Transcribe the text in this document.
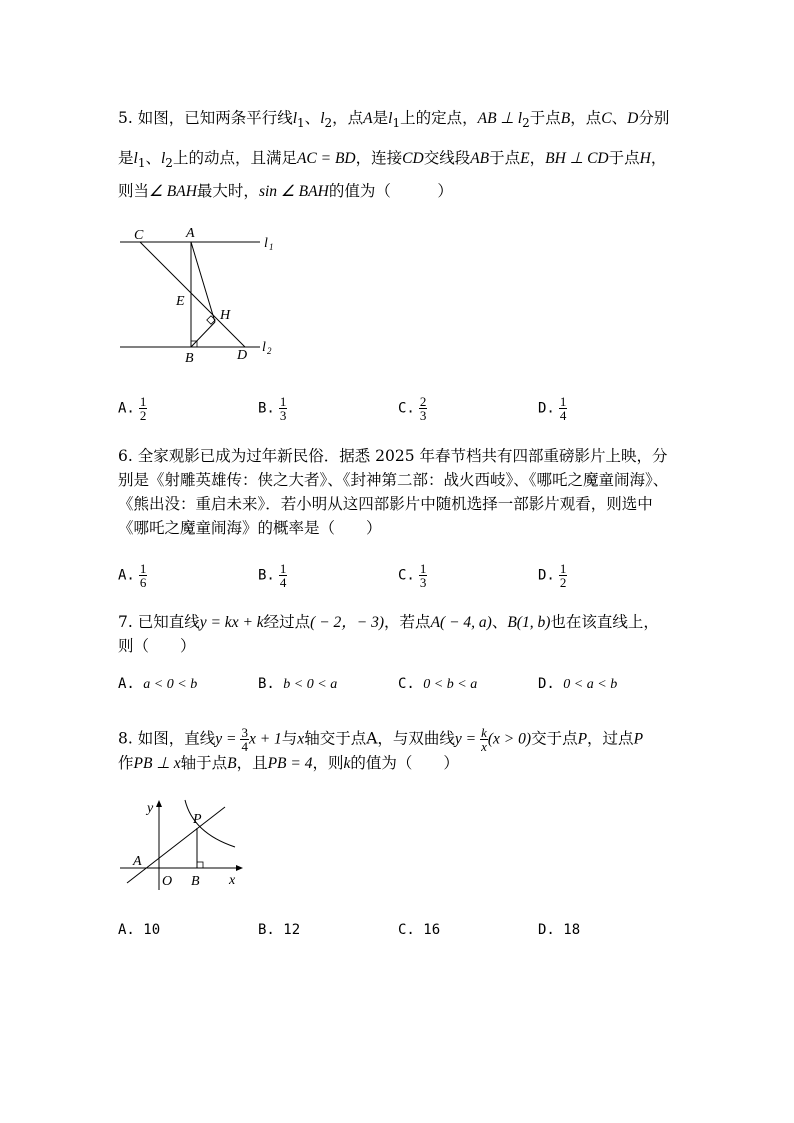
5. 如图，已知两条平行线$l_1$、$l_2$，点A是$l_1$上的定点，AB ⊥ $l_2$于点B，点C、D分别
是$l_1$、$l_2$上的动点，且满足AC = BD，连接CD交线段AB于点E，BH ⊥ CD于点H，
则当∠ BAH最大时，sin ∠ BAH的值为（　　　）
C	A
l 1
E
H
B	D
l 2
A. $\frac{1}{2}$	B. $\frac{1}{3}$	C. $\frac{2}{3}$	D. $\frac{1}{4}$
6. 全家观影已成为过年新民俗．据悉 2025 年春节档共有四部重磅影片上映，分
别是《射雕英雄传：侠之大者》、《封神第二部：战火西岐》、《哪吒之魔童闹海》、
《熊出没：重启未来》．若小明从这四部影片中随机选择一部影片观看，则选中
《哪吒之魔童闹海》的概率是（　　）
A. $\frac{1}{6}$	B. $\frac{1}{4}$	C. $\frac{1}{3}$	D. $\frac{1}{2}$
7. 已知直线y = kx + k经过点( − 2，− 3)，若点A( − 4, a)、B(1, b)也在该直线上，
则（　　）
A. a < 0 < b	B. b < 0 < a	C. 0 < b < a	D. 0 < a < b
8. 如图，直线$y = \frac{3}{4}$ x + 1与x轴交于点A，与双曲线$y = \frac{k}{x} (x > 0)$交于点P，过点P
作PB ⊥ x轴于点B，且PB = 4，则k的值为（　　）
y
P
A
O B x
A. 10	B. 12	C. 16	D. 18
